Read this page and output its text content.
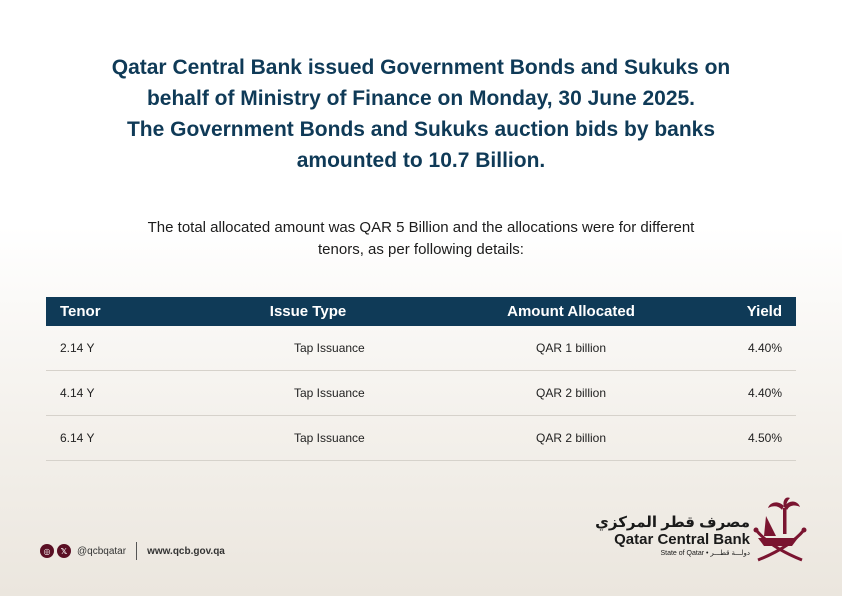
Qatar Central Bank issued Government Bonds and Sukuks on

behalf of Ministry of Finance on Monday, 30 June 2025.

The Government Bonds and Sukuks auction bids by banks

amounted to 10.7 Billion.

The total allocated amount was QAR 5 Billion and the allocations were for different
tenors, as per following details:
Tenor	Issue Type	Amount Allocated	Yield
2.14 Y	Tap Issuance	QAR 1 billion	4.40%
4.14 Y	Tap Issuance	QAR 2 billion	4.40%
6.14 Y	Tap Issuance	QAR 2 billion	4.50%
◎	𝕏 @qcbqatar www.qcb.gov.qa
مصرف قطر المركزي
Qatar Central Bank
State of Qatar • دولـــة قطـــر
